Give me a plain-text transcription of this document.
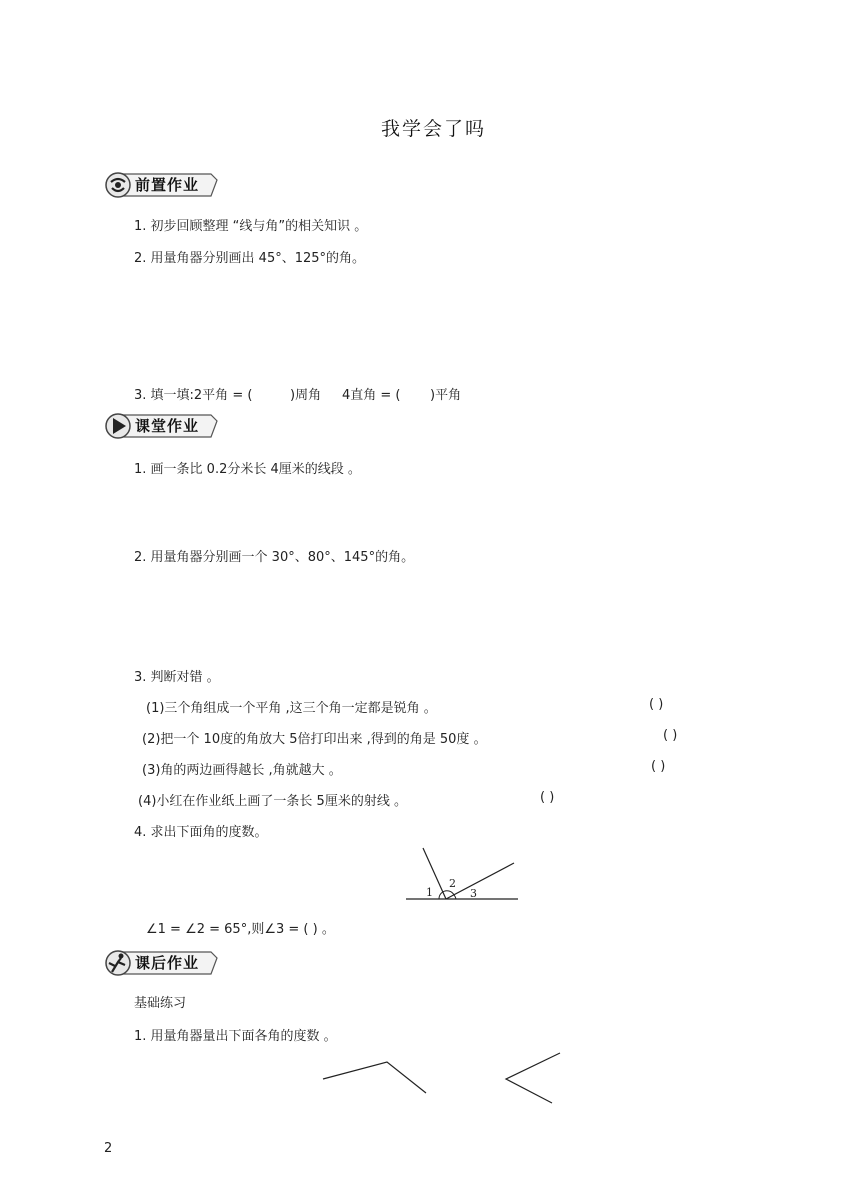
我学会了吗
前置作业
1. 初步回顾整理 “线与角”的相关知识 。
2. 用量角器分别画出 45°、125°的角。
3. 填一填:2平角 = (	)周角 4直角 = ( )平角
课堂作业
1. 画一条比 0.2分米长 4厘米的线段 。
2. 用量角器分别画一个 30°、80°、145°的角。
3. 判断对错 。
(1)三个角组成一个平角 ,这三个角一定都是锐角 。	( )
(2)把一个 10度的角放大 5倍打印出来 ,得到的角是 50度 。	( )
(3)角的两边画得越长 ,角就越大 。	( )
(4)小红在作业纸上画了一条长 5厘米的射线 。	( )
4. 求出下面角的度数。
1
2
3
∠1 = ∠2 = 65°,则∠3 = ( ) 。
课后作业
基础练习
1. 用量角器量出下面各角的度数 。
2
